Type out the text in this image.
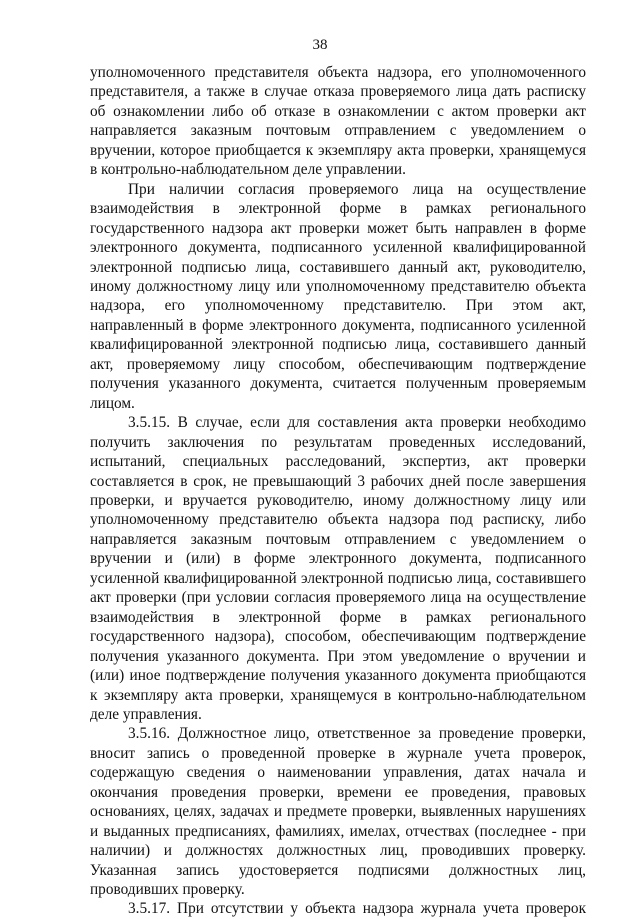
38

уполномоченного представителя объекта надзора, его уполномоченного

представителя, а также в случае отказа проверяемого лица дать расписку

об ознакомлении либо об отказе в ознакомлении с актом проверки акт

направляется заказным почтовым отправлением с уведомлением о

вручении, которое приобщается к экземпляру акта проверки, хранящемуся

в контрольно-наблюдательном деле управлении.

При наличии согласия проверяемого лица на осуществление

взаимодействия в электронной форме в рамках регионального

государственного надзора акт проверки может быть направлен в форме

электронного документа, подписанного усиленной квалифицированной

электронной подписью лица, составившего данный акт, руководителю,

иному должностному лицу или уполномоченному представителю объекта

надзора, его уполномоченному представителю. При этом акт,

направленный в форме электронного документа, подписанного усиленной

квалифицированной электронной подписью лица, составившего данный

акт, проверяемому лицу способом, обеспечивающим подтверждение

получения указанного документа, считается полученным проверяемым

лицом.

3.5.15. В случае, если для составления акта проверки необходимо

получить заключения по результатам проведенных исследований,

испытаний, специальных расследований, экспертиз, акт проверки

составляется в срок, не превышающий 3 рабочих дней после завершения

проверки, и вручается руководителю, иному должностному лицу или

уполномоченному представителю объекта надзора под расписку, либо

направляется заказным почтовым отправлением с уведомлением о

вручении и (или) в форме электронного документа, подписанного

усиленной квалифицированной электронной подписью лица, составившего

акт проверки (при условии согласия проверяемого лица на осуществление

взаимодействия в электронной форме в рамках регионального

государственного надзора), способом, обеспечивающим подтверждение

получения указанного документа. При этом уведомление о вручении и

(или) иное подтверждение получения указанного документа приобщаются

к экземпляру акта проверки, хранящемуся в контрольно-наблюдательном

деле управления.

3.5.16. Должностное лицо, ответственное за проведение проверки,

вносит запись о проведенной проверке в журнале учета проверок,

содержащую сведения о наименовании управления, датах начала и

окончания проведения проверки, времени ее проведения, правовых

основаниях, целях, задачах и предмете проверки, выявленных нарушениях

и выданных предписаниях, фамилиях, имелах, отчествах (последнее - при

наличии) и должностях должностных лиц, проводивших проверку.

Указанная запись удостоверяется подписями должностных лиц,

проводивших проверку.

3.5.17. При отсутствии у объекта надзора журнала учета проверок
